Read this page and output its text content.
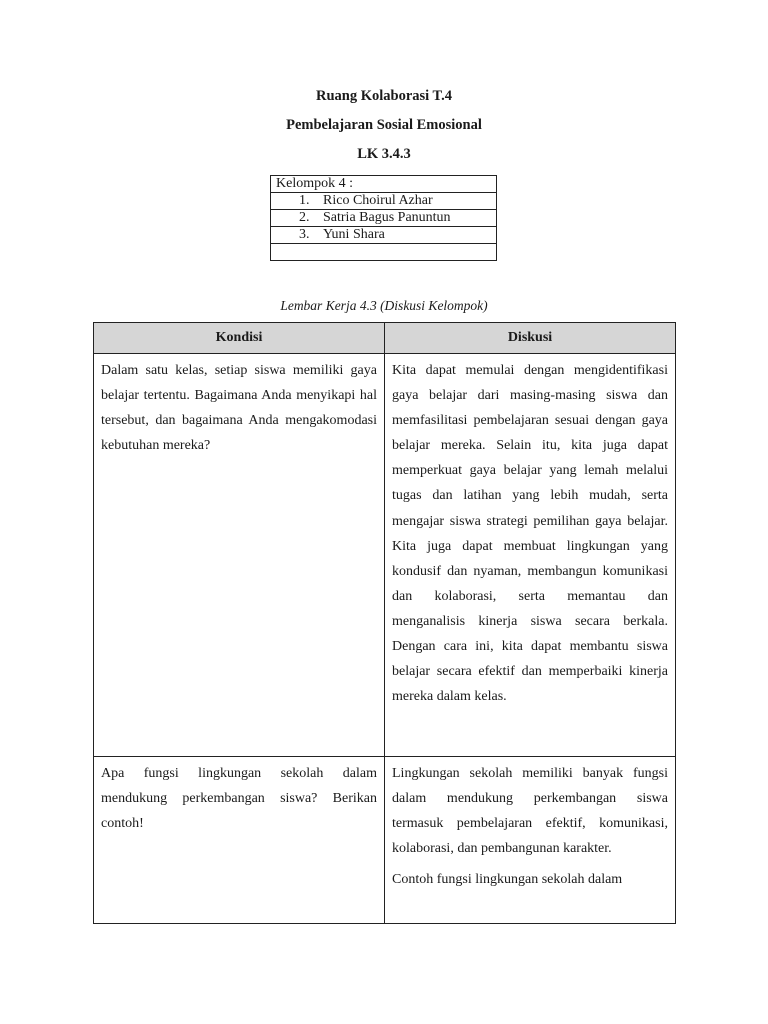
Ruang Kolaborasi T.4
Pembelajaran Sosial Emosional
LK 3.4.3
Kelompok 4 :
1. Rico Choirul Azhar
2. Satria Bagus Panuntun
3. Yuni Shara

Lembar Kerja 4.3 (Diskusi Kelompok)
Kondisi	Diskusi

Dalam satu kelas, setiap siswa memiliki gaya belajar tertentu. Bagaimana Anda menyikapi hal tersebut, dan bagaimana Anda mengakomodasi kebutuhan mereka?	Kita dapat memulai dengan mengidentifikasi gaya belajar dari masing-masing siswa dan memfasilitasi pembelajaran sesuai dengan gaya belajar mereka. Selain itu, kita juga dapat memperkuat gaya belajar yang lemah melalui tugas dan latihan yang lebih mudah, serta mengajar siswa strategi pemilihan gaya belajar. Kita juga dapat membuat lingkungan yang kondusif dan nyaman, membangun komunikasi dan kolaborasi, serta memantau dan menganalisis kinerja siswa secara berkala. Dengan cara ini, kita dapat membantu siswa belajar secara efektif dan memperbaiki kinerja mereka dalam kelas.

Apa fungsi lingkungan sekolah dalam mendukung perkembangan siswa? Berikan contoh!	Lingkungan sekolah memiliki banyak fungsi dalam mendukung perkembangan siswa termasuk pembelajaran efektif, komunikasi, kolaborasi, dan pembangunan karakter.

Contoh fungsi lingkungan sekolah dalam
